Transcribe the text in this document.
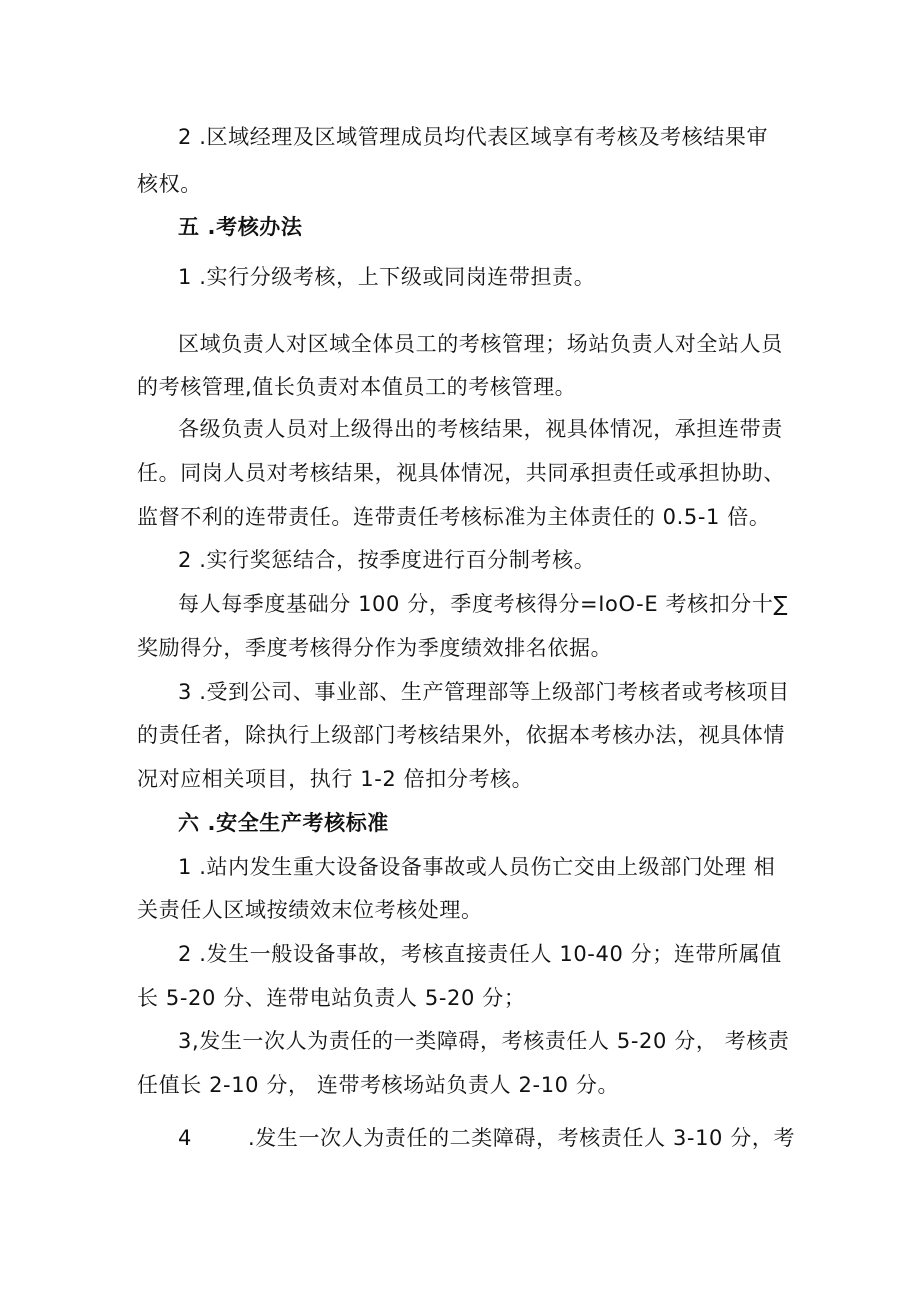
2 .区域经理及区域管理成员均代表区域享有考核及考核结果审
核权。
五 .考核办法
1 .实行分级考核，上下级或同岗连带担责。
区域负责人对区域全体员工的考核管理；场站负责人对全站人员
的考核管理,值长负责对本值员工的考核管理。
各级负责人员对上级得出的考核结果，视具体情况，承担连带责
任。同岗人员对考核结果，视具体情况，共同承担责任或承担协助、
监督不利的连带责任。连带责任考核标准为主体责任的 0.5-1 倍。
2 .实行奖惩结合，按季度进行百分制考核。
每人每季度基础分 100 分，季度考核得分=IoO-E 考核扣分十∑
奖励得分，季度考核得分作为季度绩效排名依据。
3 .受到公司、事业部、生产管理部等上级部门考核者或考核项目
的责任者，除执行上级部门考核结果外，依据本考核办法，视具体情
况对应相关项目，执行 1-2 倍扣分考核。
六 .安全生产考核标准
1 .站内发生重大设备设备事故或人员伤亡交由上级部门处理 相
关责任人区域按绩效末位考核处理。
2 .发生一般设备事故，考核直接责任人 10-40 分；连带所属值
长 5-20 分、连带电站负责人 5-20 分；
3,发生一次人为责任的一类障碍，考核责任人 5-20 分， 考核责
任值长 2-10 分， 连带考核场站负责人 2-10 分。
4	.发生一次人为责任的二类障碍，考核责任人 3-10 分，考
